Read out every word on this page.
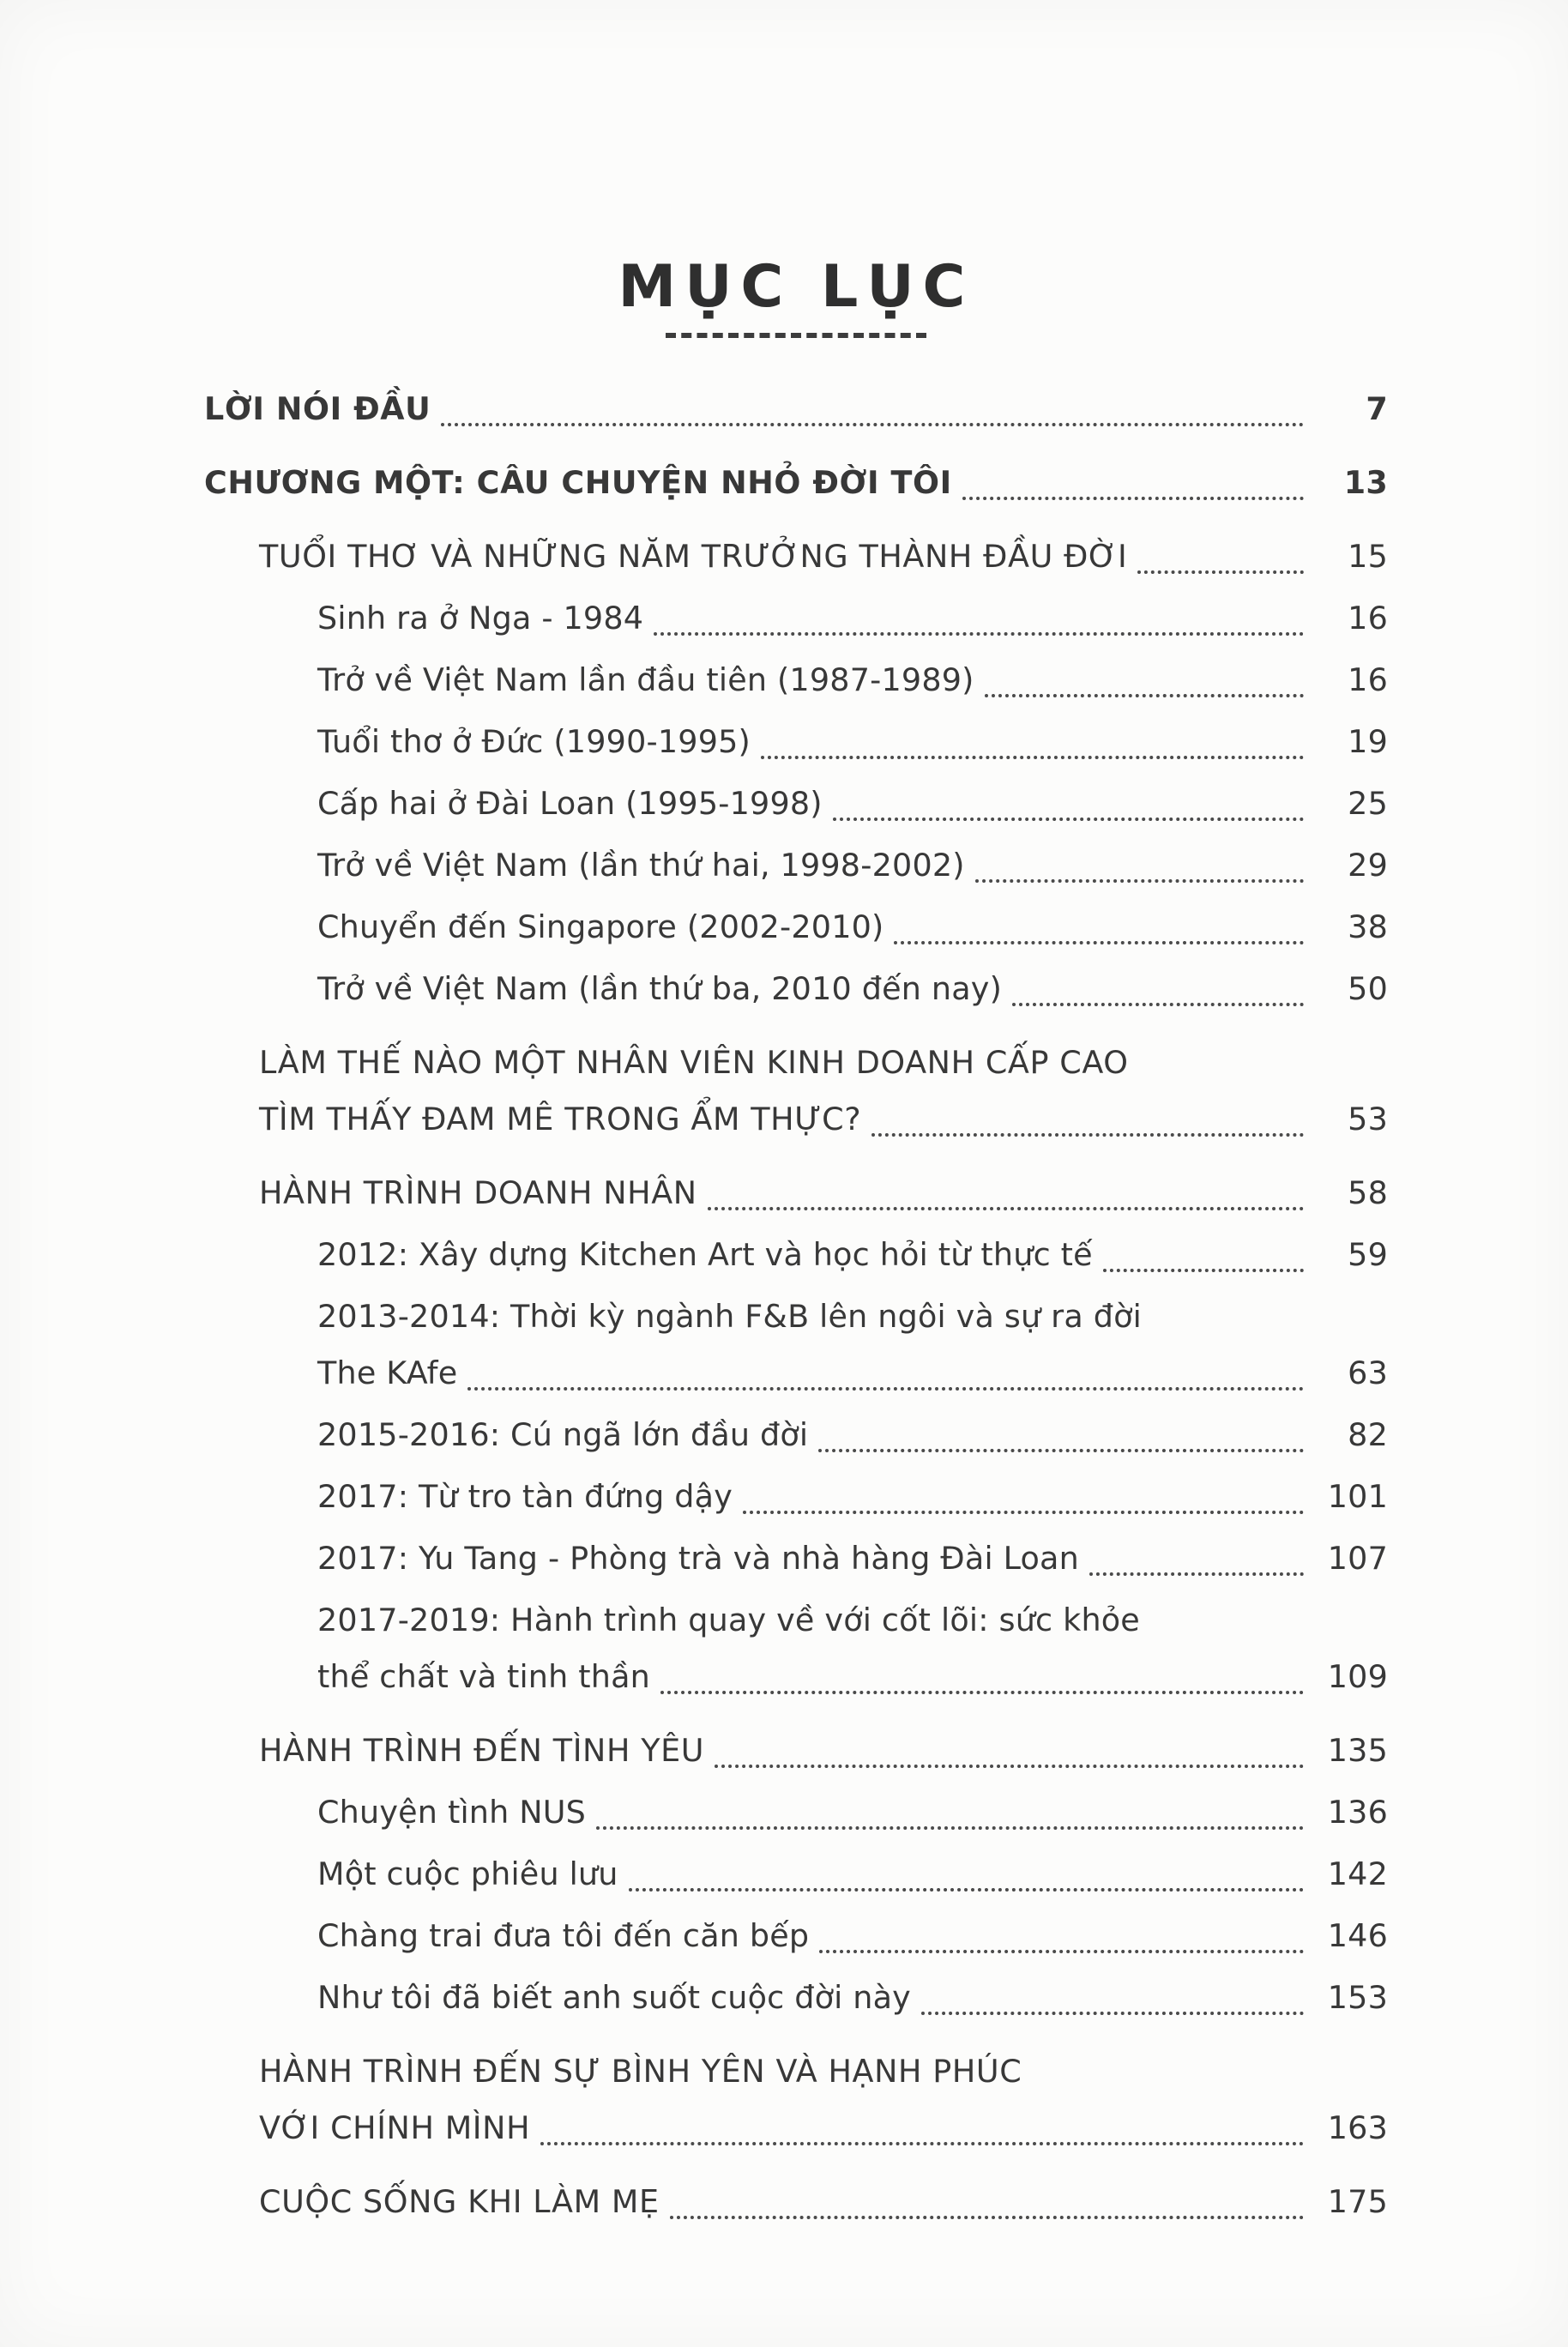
MỤC LỤC
LỜI NÓI ĐẦU	7
CHƯƠNG MỘT: CÂU CHUYỆN NHỎ ĐỜI TÔI	13
TUỔI THƠ VÀ NHỮNG NĂM TRƯỞNG THÀNH ĐẦU ĐỜI	15
Sinh ra ở Nga - 1984	16
Trở về Việt Nam lần đầu tiên (1987-1989)	16
Tuổi thơ ở Đức (1990-1995)	19
Cấp hai ở Đài Loan (1995-1998)	25
Trở về Việt Nam (lần thứ hai, 1998-2002)	29
Chuyển đến Singapore (2002-2010)	38
Trở về Việt Nam (lần thứ ba, 2010 đến nay)	50
LÀM THẾ NÀO MỘT NHÂN VIÊN KINH DOANH CẤP CAO
TÌM THẤY ĐAM MÊ TRONG ẨM THỰC?	53
HÀNH TRÌNH DOANH NHÂN	58
2012: Xây dựng Kitchen Art và học hỏi từ thực tế	59
2013-2014: Thời kỳ ngành F&B lên ngôi và sự ra đời
The KAfe	63
2015-2016: Cú ngã lớn đầu đời	82
2017: Từ tro tàn đứng dậy	101
2017: Yu Tang - Phòng trà và nhà hàng Đài Loan	107
2017-2019: Hành trình quay về với cốt lõi: sức khỏe
thể chất và tinh thần	109
HÀNH TRÌNH ĐẾN TÌNH YÊU	135
Chuyện tình NUS	136
Một cuộc phiêu lưu	142
Chàng trai đưa tôi đến căn bếp	146
Như tôi đã biết anh suốt cuộc đời này	153
HÀNH TRÌNH ĐẾN SỰ BÌNH YÊN VÀ HẠNH PHÚC
VỚI CHÍNH MÌNH	163
CUỘC SỐNG KHI LÀM MẸ	175
